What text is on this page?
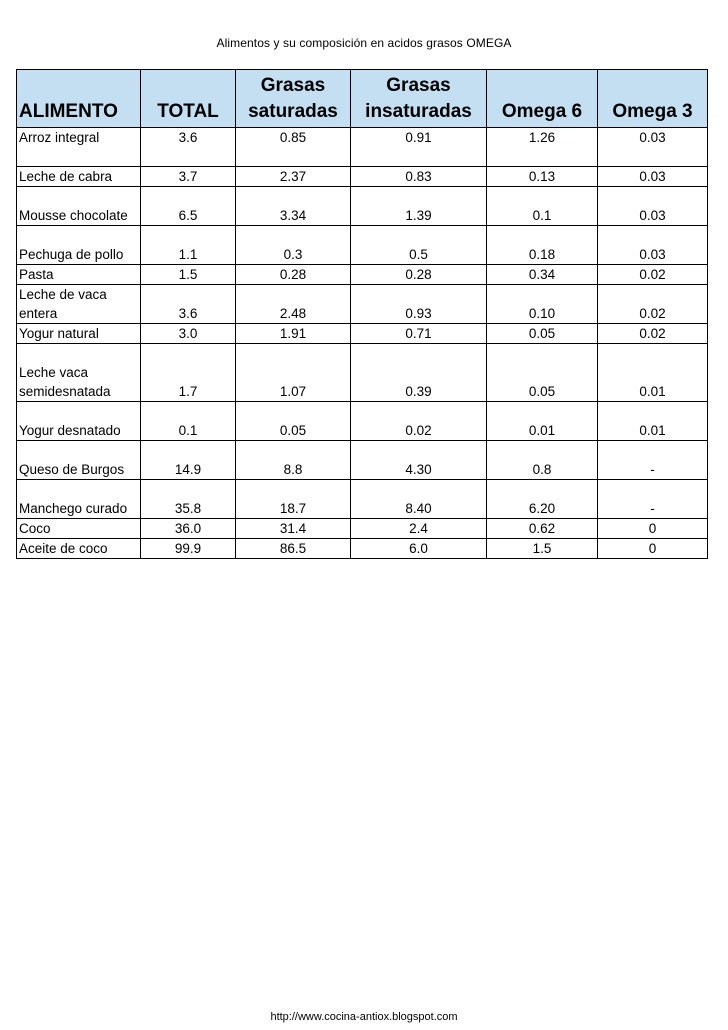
Alimentos y su composición en acidos grasos OMEGA
ALIMENTO	TOTAL	Grasas saturadas	Grasas insaturadas	Omega 6	Omega 3
Arroz integral	3.6	0.85	0.91	1.26	0.03
Leche de cabra	3.7	2.37	0.83	0.13	0.03
Mousse chocolate	6.5	3.34	1.39	0.1	0.03
Pechuga de pollo	1.1	0.3	0.5	0.18	0.03
Pasta	1.5	0.28	0.28	0.34	0.02
Leche de vaca entera	3.6	2.48	0.93	0.10	0.02
Yogur natural	3.0	1.91	0.71	0.05	0.02
Leche vaca semidesnatada	1.7	1.07	0.39	0.05	0.01
Yogur desnatado	0.1	0.05	0.02	0.01	0.01
Queso de Burgos	14.9	8.8	4.30	0.8	-
Manchego curado	35.8	18.7	8.40	6.20	-
Coco	36.0	31.4	2.4	0.62	0
Aceite de coco	99.9	86.5	6.0	1.5	0
http://www.cocina-antiox.blogspot.com
